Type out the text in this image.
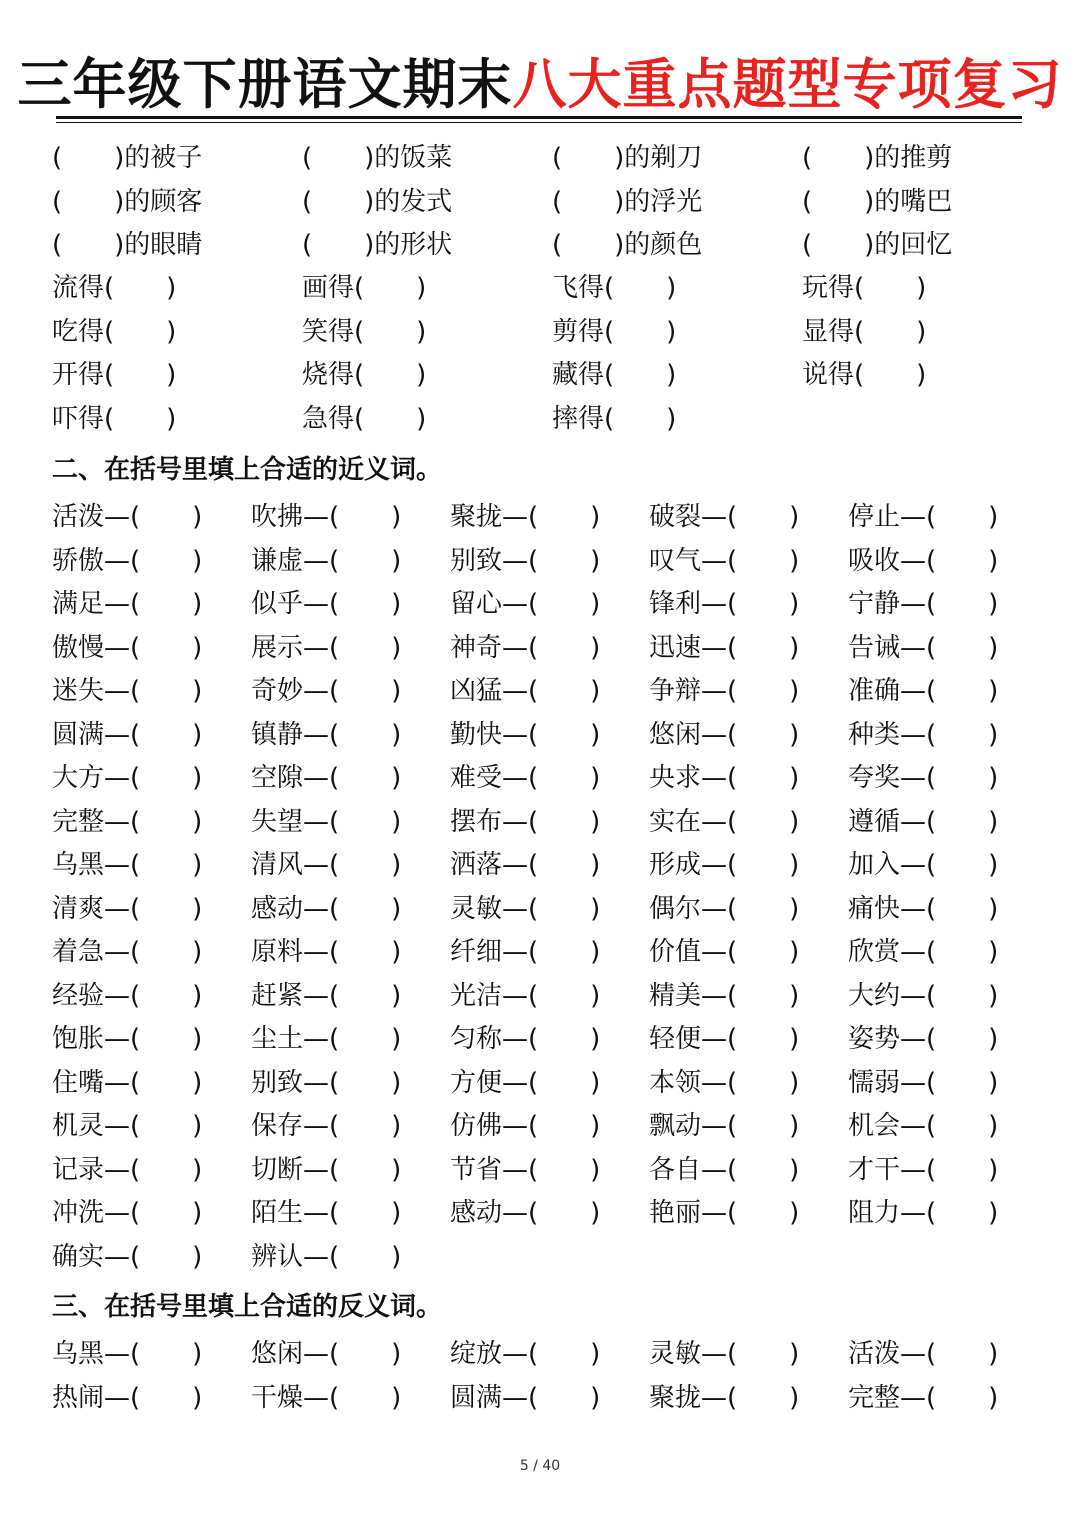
三年级下册语文期末八大重点题型专项复习
(　　)的被子	(　　)的饭菜	(　　)的剃刀	(　　)的推剪
(　　)的顾客	(　　)的发式	(　　)的浮光	(　　)的嘴巴
(　　)的眼睛	(　　)的形状	(　　)的颜色	(　　)的回忆
流得(　　)	画得(　　)	飞得(　　)	玩得(　　)
吃得(　　)	笑得(　　)	剪得(　　)	显得(　　)
开得(　　)	烧得(　　)	藏得(　　)	说得(　　)
吓得(　　)	急得(　　)	摔得(　　)
二、在括号里填上合适的近义词。
活泼—(　　) 吹拂—(　　) 聚拢—(　　) 破裂—(　　) 停止—(　　)
骄傲—(　　) 谦虚—(　　) 别致—(　　) 叹气—(　　) 吸收—(　　)
满足—(　　) 似乎—(　　) 留心—(　　) 锋利—(　　) 宁静—(　　)
傲慢—(　　) 展示—(　　) 神奇—(　　) 迅速—(　　) 告诫—(　　)
迷失—(　　) 奇妙—(　　) 凶猛—(　　) 争辩—(　　) 准确—(　　)
圆满—(　　) 镇静—(　　) 勤快—(　　) 悠闲—(　　) 种类—(　　)
大方—(　　) 空隙—(　　) 难受—(　　) 央求—(　　) 夸奖—(　　)
完整—(　　) 失望—(　　) 摆布—(　　) 实在—(　　) 遵循—(　　)
乌黑—(　　) 清风—(　　) 洒落—(　　) 形成—(　　) 加入—(　　)
清爽—(　　) 感动—(　　) 灵敏—(　　) 偶尔—(　　) 痛快—(　　)
着急—(　　) 原料—(　　) 纤细—(　　) 价值—(　　) 欣赏—(　　)
经验—(　　) 赶紧—(　　) 光洁—(　　) 精美—(　　) 大约—(　　)
饱胀—(　　) 尘土—(　　) 匀称—(　　) 轻便—(　　) 姿势—(　　)
住嘴—(　　) 别致—(　　) 方便—(　　) 本领—(　　) 懦弱—(　　)
机灵—(　　) 保存—(　　) 仿佛—(　　) 飘动—(　　) 机会—(　　)
记录—(　　) 切断—(　　) 节省—(　　) 各自—(　　) 才干—(　　)
冲洗—(　　) 陌生—(　　) 感动—(　　) 艳丽—(　　) 阻力—(　　)
确实—(　　) 辨认—(　　)
三、在括号里填上合适的反义词。
乌黑—(　　) 悠闲—(　　) 绽放—(　　) 灵敏—(　　) 活泼—(　　)
热闹—(　　) 干燥—(　　) 圆满—(　　) 聚拢—(　　) 完整—(　　)
5 / 40
